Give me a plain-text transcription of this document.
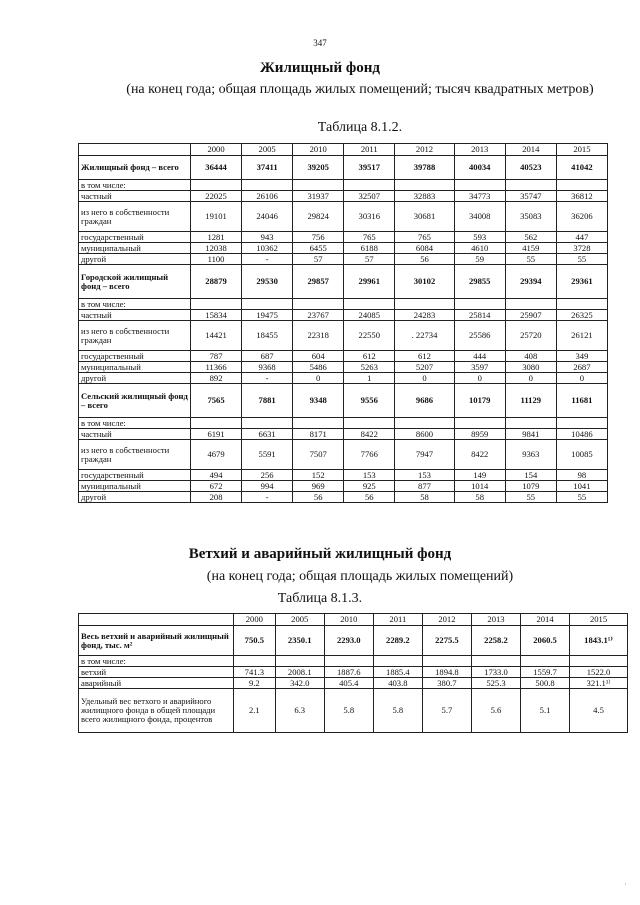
347
Жилищный фонд
(на конец года; общая площадь жилых помещений; тысяч квадратных метров)
Таблица 8.1.2.
	2000	2005	2010	2011	2012	2013	2014	2015
Жилищный фонд – всего	36444	37411	39205	39517	39788	40034	40523	41042
в том числе:								
частный	22025	26106	31937	32507	32883	34773	35747	36812
из него в собственности граждан	19101	24046	29824	30316	30681	34008	35083	36206
государственный	1281	943	756	765	765	593	562	447
муниципальный	12038	10362	6455	6188	6084	4610	4159	3728
другой	1100	-	57	57	56	59	55	55
Городской жилищный фонд – всего	28879	29530	29857	29961	30102	29855	29394	29361
в том числе:								
частный	15834	19475	23767	24085	24283	25814	25907	26325
из него в собственности граждан	14421	18455	22318	22550	. 22734	25586	25720	26121
государственный	787	687	604	612	612	444	408	349
муниципальный	11366	9368	5486	5263	5207	3597	3080	2687
другой	892	-	0	1	0	0	0	0
Сельский жилищный фонд – всего	7565	7881	9348	9556	9686	10179	11129	11681
в том числе:								
частный	6191	6631	8171	8422	8600	8959	9841	10486
из него в собственности граждан	4679	5591	7507	7766	7947	8422	9363	10085
государственный	494	256	152	153	153	149	154	98
муниципальный	672	994	969	925	877	1014	1079	1041
другой	208	-	56	56	58	58	55	55
Ветхий и аварийный жилищный фонд
(на конец года; общая площадь жилых помещений)
Таблица 8.1.3.
	2000	2005	2010	2011	2012	2013	2014	2015
Весь ветхий и аварийный жилищный фонд, тыс. м²	750.5	2350.1	2293.0	2289.2	2275.5	2258.2	2060.5	1843.1¹⁾
в том числе:								
ветхий	741.3	2008.1	1887.6	1885.4	1894.8	1733.0	1559.7	1522.0
аварийный	9.2	342.0	405.4	403.8	380.7	525.3	500.8	321.1¹⁾
Удельный вес ветхого и аварийного жилищного фонда в общей площади всего жилищного фонда, процентов	2.1	6.3	5.8	5.8	5.7	5.6	5.1	4.5
·
